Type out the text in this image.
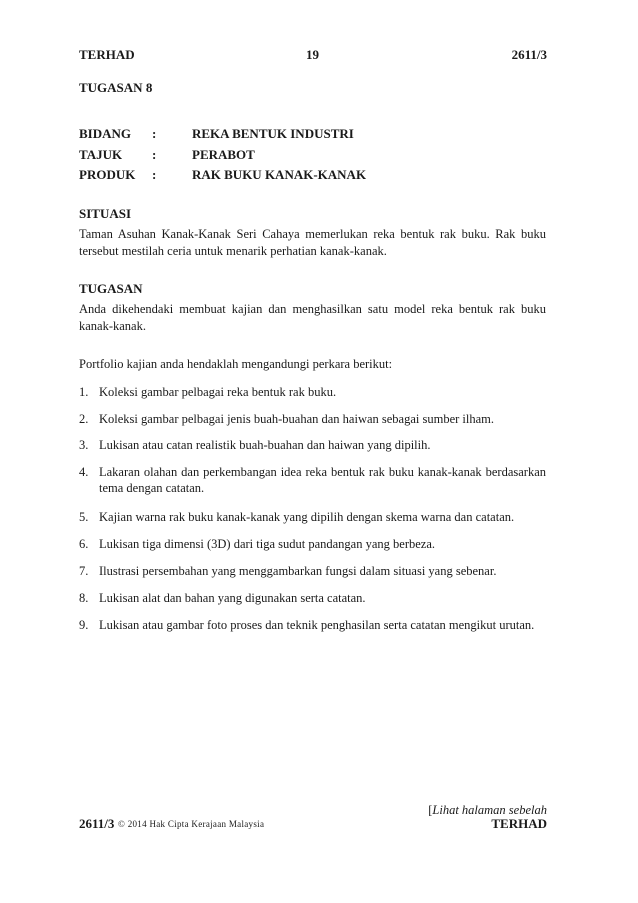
TERHAD	19	2611/3
TUGASAN 8
BIDANG :	REKA BENTUK INDUSTRI
TAJUK :	PERABOT
PRODUK :	RAK BUKU KANAK-KANAK
SITUASI
Taman Asuhan Kanak-Kanak Seri Cahaya memerlukan reka bentuk rak buku. Rak buku tersebut mestilah ceria untuk menarik perhatian kanak-kanak.
TUGASAN
Anda dikehendaki membuat kajian dan menghasilkan satu model reka bentuk rak buku kanak-kanak.
Portfolio kajian anda hendaklah mengandungi perkara berikut:
1. Koleksi gambar pelbagai reka bentuk rak buku.
2. Koleksi gambar pelbagai jenis buah-buahan dan haiwan sebagai sumber ilham.
3. Lukisan atau catan realistik buah-buahan dan haiwan yang dipilih.
4. Lakaran olahan dan perkembangan idea reka bentuk rak buku kanak-kanak berdasarkan tema dengan catatan.
5. Kajian warna rak buku kanak-kanak yang dipilih dengan skema warna dan catatan.
6. Lukisan tiga dimensi (3D) dari tiga sudut pandangan yang berbeza.
7. Ilustrasi persembahan yang menggambarkan fungsi dalam situasi yang sebenar.
8. Lukisan alat dan bahan yang digunakan serta catatan.
9. Lukisan atau gambar foto proses dan teknik penghasilan serta catatan mengikut urutan.
[Lihat halaman sebelah
2611/3 © 2014 Hak Cipta Kerajaan Malaysia	TERHAD
